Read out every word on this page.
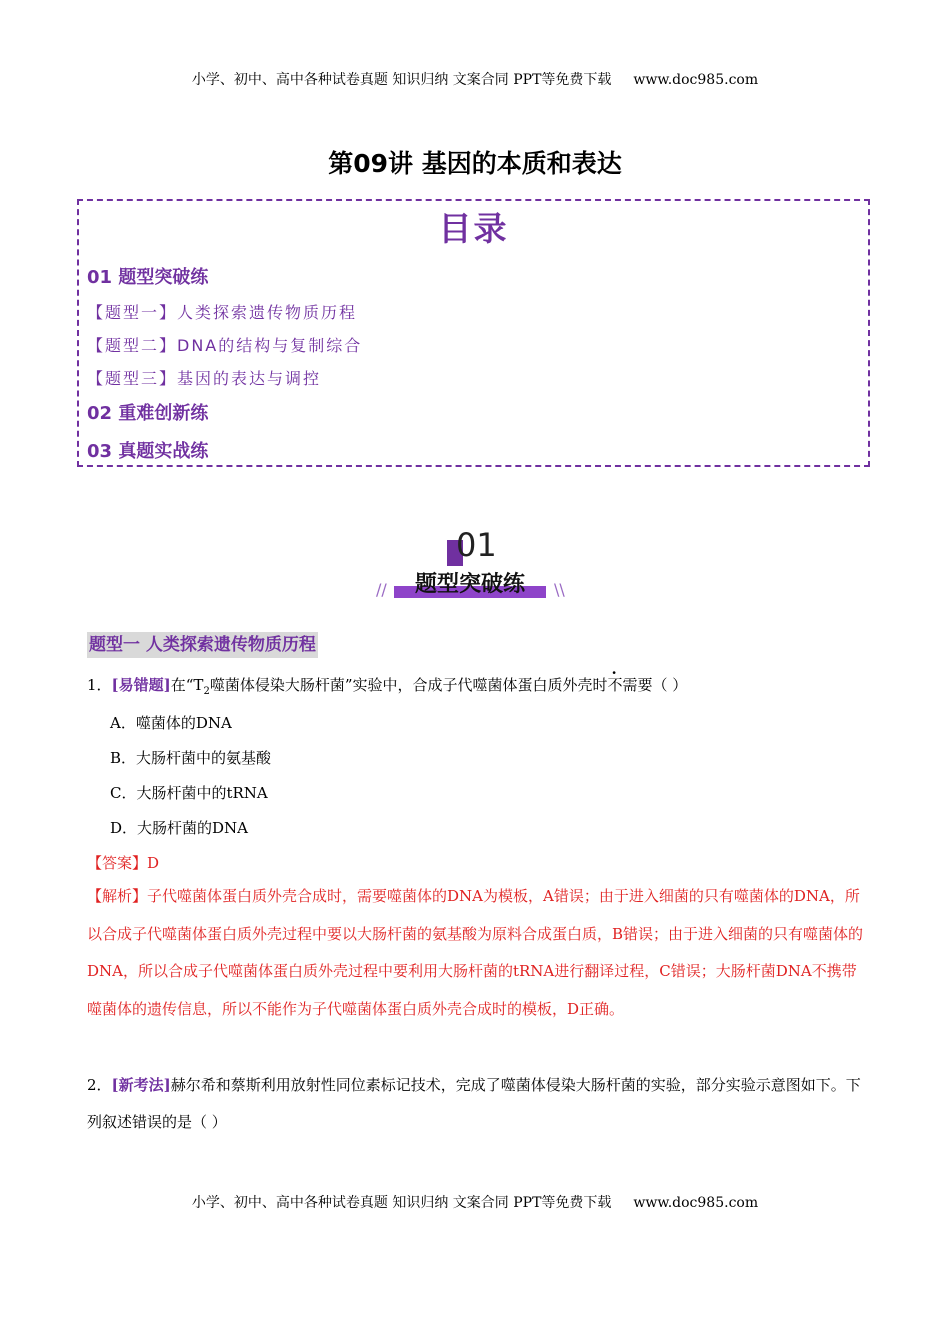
小学、初中、高中各种试卷真题 知识归纳 文案合同 PPT等免费下载 www.doc985.com
第09讲 基因的本质和表达
目录
01 题型突破练
【题型一】人类探索遗传物质历程
【题型二】DNA的结构与复制综合
【题型三】基因的表达与调控
02 重难创新练
03 真题实战练
01
题型突破练
//	\\
题型一 人类探索遗传物质历程
1．[易错题]在“$T_2$噬菌体侵染大肠杆菌”实验中，合成子代噬菌体蛋白质外壳时不需要（ ）
A．噬菌体的DNA
B．大肠杆菌中的氨基酸
C．大肠杆菌中的tRNA
D．大肠杆菌的DNA
【答案】D
【解析】子代噬菌体蛋白质外壳合成时，需要噬菌体的DNA为模板，A错误；由于进入细菌的只有噬菌体的DNA，所以合成子代噬菌体蛋白质外壳过程中要以大肠杆菌的氨基酸为原料合成蛋白质，B错误；由于进入细菌的只有噬菌体的DNA，所以合成子代噬菌体蛋白质外壳过程中要利用大肠杆菌的tRNA进行翻译过程，C错误；大肠杆菌DNA不携带噬菌体的遗传信息，所以不能作为子代噬菌体蛋白质外壳合成时的模板，D正确。
2．[新考法]赫尔希和蔡斯利用放射性同位素标记技术，完成了噬菌体侵染大肠杆菌的实验，部分实验示意图如下。下列叙述错误的是（ ）
小学、初中、高中各种试卷真题 知识归纳 文案合同 PPT等免费下载 www.doc985.com
